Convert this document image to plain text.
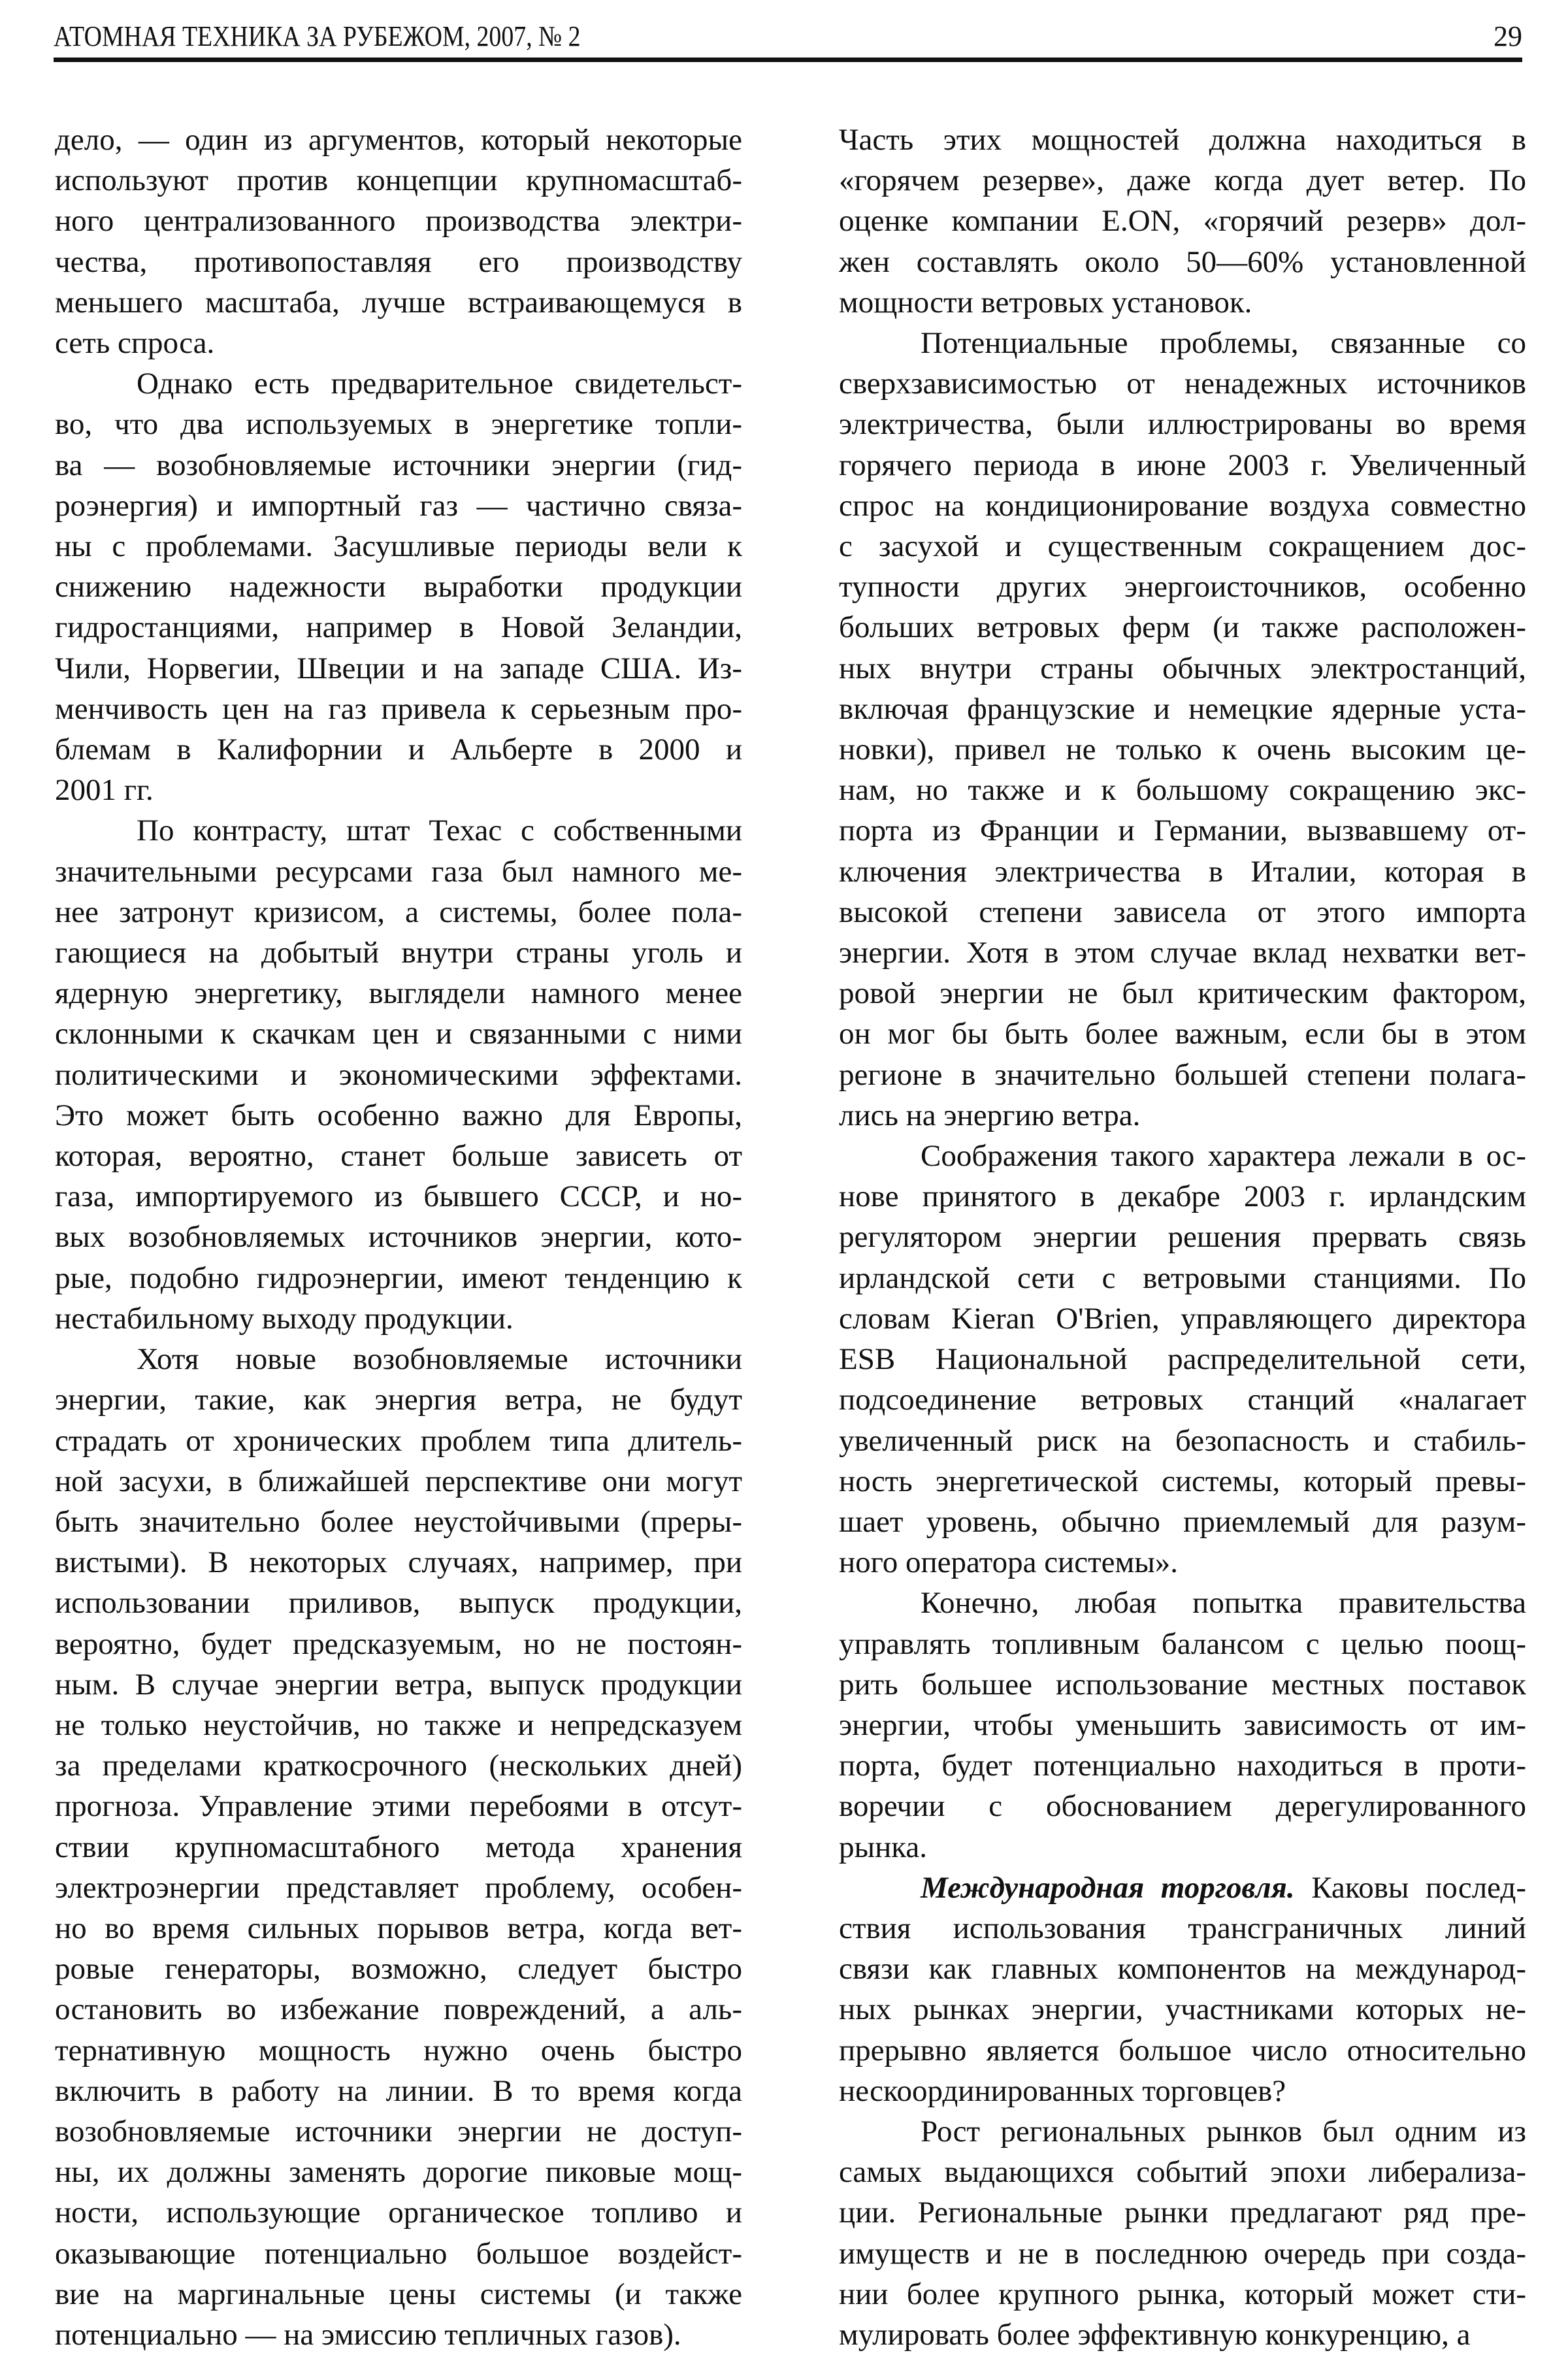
АТОМНАЯ ТЕХНИКА ЗА РУБЕЖОМ, 2007, № 2	29
дело, — один из аргументов, который некоторые
используют против концепции крупномасштаб-
ного централизованного производства электри-
чества, противопоставляя его производству
меньшего масштаба, лучше встраивающемуся в
сеть спроса.
Однако есть предварительное свидетельст-
во, что два используемых в энергетике топли-
ва — возобновляемые источники энергии (гид-
роэнергия) и импортный газ — частично связа-
ны с проблемами. Засушливые периоды вели к
снижению надежности выработки продукции
гидростанциями, например в Новой Зеландии,
Чили, Норвегии, Швеции и на западе США. Из-
менчивость цен на газ привела к серьезным про-
блемам в Калифорнии и Альберте в 2000 и
2001 гг.
По контрасту, штат Техас с собственными
значительными ресурсами газа был намного ме-
нее затронут кризисом, а системы, более пола-
гающиеся на добытый внутри страны уголь и
ядерную энергетику, выглядели намного менее
склонными к скачкам цен и связанными с ними
политическими и экономическими эффектами.
Это может быть особенно важно для Европы,
которая, вероятно, станет больше зависеть от
газа, импортируемого из бывшего СССР, и но-
вых возобновляемых источников энергии, кото-
рые, подобно гидроэнергии, имеют тенденцию к
нестабильному выходу продукции.
Хотя новые возобновляемые источники
энергии, такие, как энергия ветра, не будут
страдать от хронических проблем типа длитель-
ной засухи, в ближайшей перспективе они могут
быть значительно более неустойчивыми (преры-
вистыми). В некоторых случаях, например, при
использовании приливов, выпуск продукции,
вероятно, будет предсказуемым, но не постоян-
ным. В случае энергии ветра, выпуск продукции
не только неустойчив, но также и непредсказуем
за пределами краткосрочного (нескольких дней)
прогноза. Управление этими перебоями в отсут-
ствии крупномасштабного метода хранения
электроэнергии представляет проблему, особен-
но во время сильных порывов ветра, когда вет-
ровые генераторы, возможно, следует быстро
остановить во избежание повреждений, а аль-
тернативную мощность нужно очень быстро
включить в работу на линии. В то время когда
возобновляемые источники энергии не доступ-
ны, их должны заменять дорогие пиковые мощ-
ности, использующие органическое топливо и
оказывающие потенциально большое воздейст-
вие на маргинальные цены системы (и также
потенциально — на эмиссию тепличных газов).
Часть этих мощностей должна находиться в
«горячем резерве», даже когда дует ветер. По
оценке компании E.ON, «горячий резерв» дол-
жен составлять около 50—60% установленной
мощности ветровых установок.
Потенциальные проблемы, связанные со
сверхзависимостью от ненадежных источников
электричества, были иллюстрированы во время
горячего периода в июне 2003 г. Увеличенный
спрос на кондиционирование воздуха совместно
с засухой и существенным сокращением дос-
тупности других энергоисточников, особенно
больших ветровых ферм (и также расположен-
ных внутри страны обычных электростанций,
включая французские и немецкие ядерные уста-
новки), привел не только к очень высоким це-
нам, но также и к большому сокращению экс-
порта из Франции и Германии, вызвавшему от-
ключения электричества в Италии, которая в
высокой степени зависела от этого импорта
энергии. Хотя в этом случае вклад нехватки вет-
ровой энергии не был критическим фактором,
он мог бы быть более важным, если бы в этом
регионе в значительно большей степени полага-
лись на энергию ветра.
Соображения такого характера лежали в ос-
нове принятого в декабре 2003 г. ирландским
регулятором энергии решения прервать связь
ирландской сети с ветровыми станциями. По
словам Kieran O'Brien, управляющего директора
ESB Национальной распределительной сети,
подсоединение ветровых станций «налагает
увеличенный риск на безопасность и стабиль-
ность энергетической системы, который превы-
шает уровень, обычно приемлемый для разум-
ного оператора системы».
Конечно, любая попытка правительства
управлять топливным балансом с целью поощ-
рить большее использование местных поставок
энергии, чтобы уменьшить зависимость от им-
порта, будет потенциально находиться в проти-
воречии с обоснованием дерегулированного
рынка.
Международная торговля. Каковы послед-
ствия использования трансграничных линий
связи как главных компонентов на международ-
ных рынках энергии, участниками которых не-
прерывно является большое число относительно
нескоординированных торговцев?
Рост региональных рынков был одним из
самых выдающихся событий эпохи либерализа-
ции. Региональные рынки предлагают ряд пре-
имуществ и не в последнюю очередь при созда-
нии более крупного рынка, который может сти-
мулировать более эффективную конкуренцию, а
